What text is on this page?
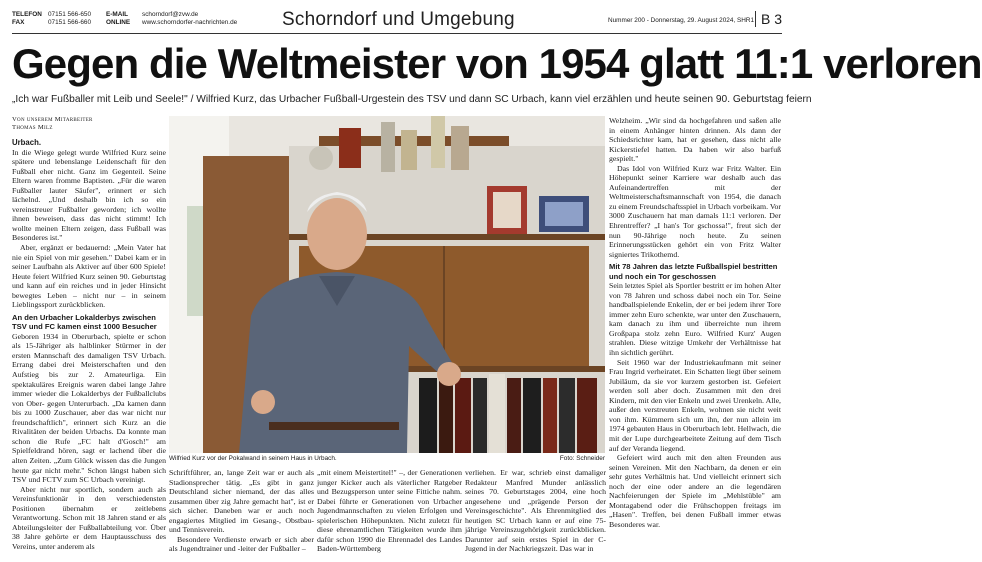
TELEFON 07151 566-650
FAX	07151 566-660
E-MAIL schorndorf@zvw.de
ONLINE www.schorndorfer-nachrichten.de Schorndorf und Umgebung	Nummer 200 - Donnerstag, 29. August 2024, SHR1 B 3
Gegen die Weltmeister von 1954 glatt 11:1 verloren
„Ich war Fußballer mit Leib und Seele!" / Wilfried Kurz, das Urbacher Fußball-Urgestein des TSV und dann SC Urbach, kann viel erzählen und heute seinen 90. Geburtstag feiern
Von unserem Mitarbeiter
Thomas Milz

Urbach.

In die Wiege gelegt wurde Wilfried Kurz seine spätere und lebenslange Leidenschaft für den Fußball eher nicht. Ganz im Gegenteil. Seine Eltern waren fromme Baptisten. „Für die waren Fußballer lauter Säufer", erinnert er sich lächelnd. „Und deshalb bin ich so ein vereinstreuer Fußballer geworden; ich wollte ihnen beweisen, dass das nicht stimmt! Ich wollte meinen Eltern zeigen, dass Fußball was Besonderes ist."

Aber, ergänzt er bedauernd: „Mein Vater hat nie ein Spiel von mir gesehen." Dabei kam er in seiner Laufbahn als Aktiver auf über 600 Spiele! Heute feiert Wilfried Kurz seinen 90. Geburtstag und kann auf ein reiches und in jeder Hinsicht bewegtes Leben – nicht nur – in seinem Lieblingssport zurückblicken.

An den Urbacher Lokalderbys zwischen TSV und FC kamen einst 1000 Besucher

Geboren 1934 in Oberurbach, spielte er schon als 15-Jähriger als halblinker Stürmer in der ersten Mannschaft des damaligen TSV Urbach. Errang dabei drei Meisterschaften und den Aufstieg bis zur 2. Amateurliga. Ein spektakuläres Ereignis waren dabei lange Jahre immer wieder die Lokalderbys der Fußballclubs von Ober- gegen Unterurbach. „Da kamen dann bis zu 1000 Zuschauer, aber das war nicht nur freundschaftlich", erinnert sich Kurz an die Rivalitäten der beiden Urbachs. Da konnte man schon die Rufe „FC halt d'Gosch!" am Spielfeldrand hören, sagt er lachend über die alten Zeiten. „Zum Glück wissen das die Jungen heute gar nicht mehr." Schon längst haben sich TSV und FCTV zum SC Urbach vereinigt.

Aber nicht nur sportlich, sondern auch als Vereinsfunktionär in den verschiedensten Positionen übernahm er zeitlebens Verantwortung. Schon mit 18 Jahren stand er als Abteilungsleiter der Fußballabteilung vor. Über 38 Jahre gehörte er dem Hauptausschuss des Vereins, unter anderem als

Wilfried Kurz vor der Pokalwand in seinem Haus in Urbach.	Foto: Schneider

Schriftführer, an, lange Zeit war er auch als Stadionsprecher tätig. „Es gibt in ganz Deutschland sicher niemand, der das alles zusammen über zig Jahre gemacht hat", ist er sich sicher. Daneben war er auch noch engagiertes Mitglied im Gesang-, Obstbau- und Tennisverein.

Besondere Verdienste erwarb er sich aber als Jugendtrainer und -leiter der Fußballer –

„mit einem Meistertitel!" –, der Generationen junger Kicker auch als väterlicher Ratgeber und Bezugsperson unter seine Fittiche nahm. Dabei führte er Generationen von Urbacher Jugendmannschaften zu vielen Erfolgen und spielerischen Höhepunkten. Nicht zuletzt für diese ehrenamtlichen Tätigkeiten wurde ihm dafür schon 1990 die Ehrennadel des Landes Baden-Württemberg

verliehen. Er war, schrieb einst damaliger Redakteur Manfred Munder anlässlich seines 70. Geburtstages 2004, eine hoch angesehene und „prägende Person der Vereinsgeschichte". Als Ehrenmitglied des heutigen SC Urbach kann er auf eine 75-jährige Vereinszugehörigkeit zurückblicken. Darunter auf sein erstes Spiel in der C-Jugend in der Nachkriegszeit. Das war in

Welzheim. „Wir sind da hochgefahren und saßen alle in einem Anhänger hinten drinnen. Als dann der Schiedsrichter kam, hat er gesehen, dass nicht alle Kickerstiefel hatten. Da haben wir also barfuß gespielt."

Das Idol von Wilfried Kurz war Fritz Walter. Ein Höhepunkt seiner Karriere war deshalb auch das Aufeinandertreffen mit der Weltmeisterschaftsmannschaft von 1954, die danach zu einem Freundschaftsspiel in Urbach vorbeikam. Vor 3000 Zuschauern hat man damals 11:1 verloren. Der Ehrentreffer? „I han's Tor gschossa!", freut sich der nun 90-Jährige noch heute. Zu seinen Erinnerungsstücken gehört ein von Fritz Walter signiertes Trikothemd.

Mit 78 Jahren das letzte Fußballspiel bestritten und noch ein Tor geschossen

Sein letztes Spiel als Sportler bestritt er im hohen Alter von 78 Jahren und schoss dabei noch ein Tor. Seine handballspielende Enkelin, der er bei jedem ihrer Tore immer zehn Euro schenkte, war unter den Zuschauern, kam danach zu ihm und überreichte nun ihrem Großpapa stolz zehn Euro. Wilfried Kurz' Augen strahlen. Diese witzige Umkehr der Verhältnisse hat ihn sichtlich gerührt.

Seit 1960 war der Industriekaufmann mit seiner Frau Ingrid verheiratet. Ein Schatten liegt über seinem Jubiläum, da sie vor kurzem gestorben ist. Gefeiert werden soll aber doch. Zusammen mit den drei Kindern, mit den vier Enkeln und zwei Urenkeln. Alle, außer den verstreuten Enkeln, wohnen sie nicht weit von ihm. Kümmern sich um ihn, der nun allein im 1974 gebauten Haus in Oberurbach lebt. Hellwach, die mit der Lupe durchgearbeitete Zeitung auf dem Tisch auf der Veranda liegend.

Gefeiert wird auch mit den alten Freunden aus seinen Vereinen. Mit den Nachbarn, da denen er ein sehr gutes Verhältnis hat. Und vielleicht erinnert sich noch der eine oder andere an die legendären Nachfeierungen der Spiele im „Mehlstüble" am Montagabend oder die Frühschoppen freitags im „Hasen". Treffen, bei denen Fußball immer etwas Besonderes war.
